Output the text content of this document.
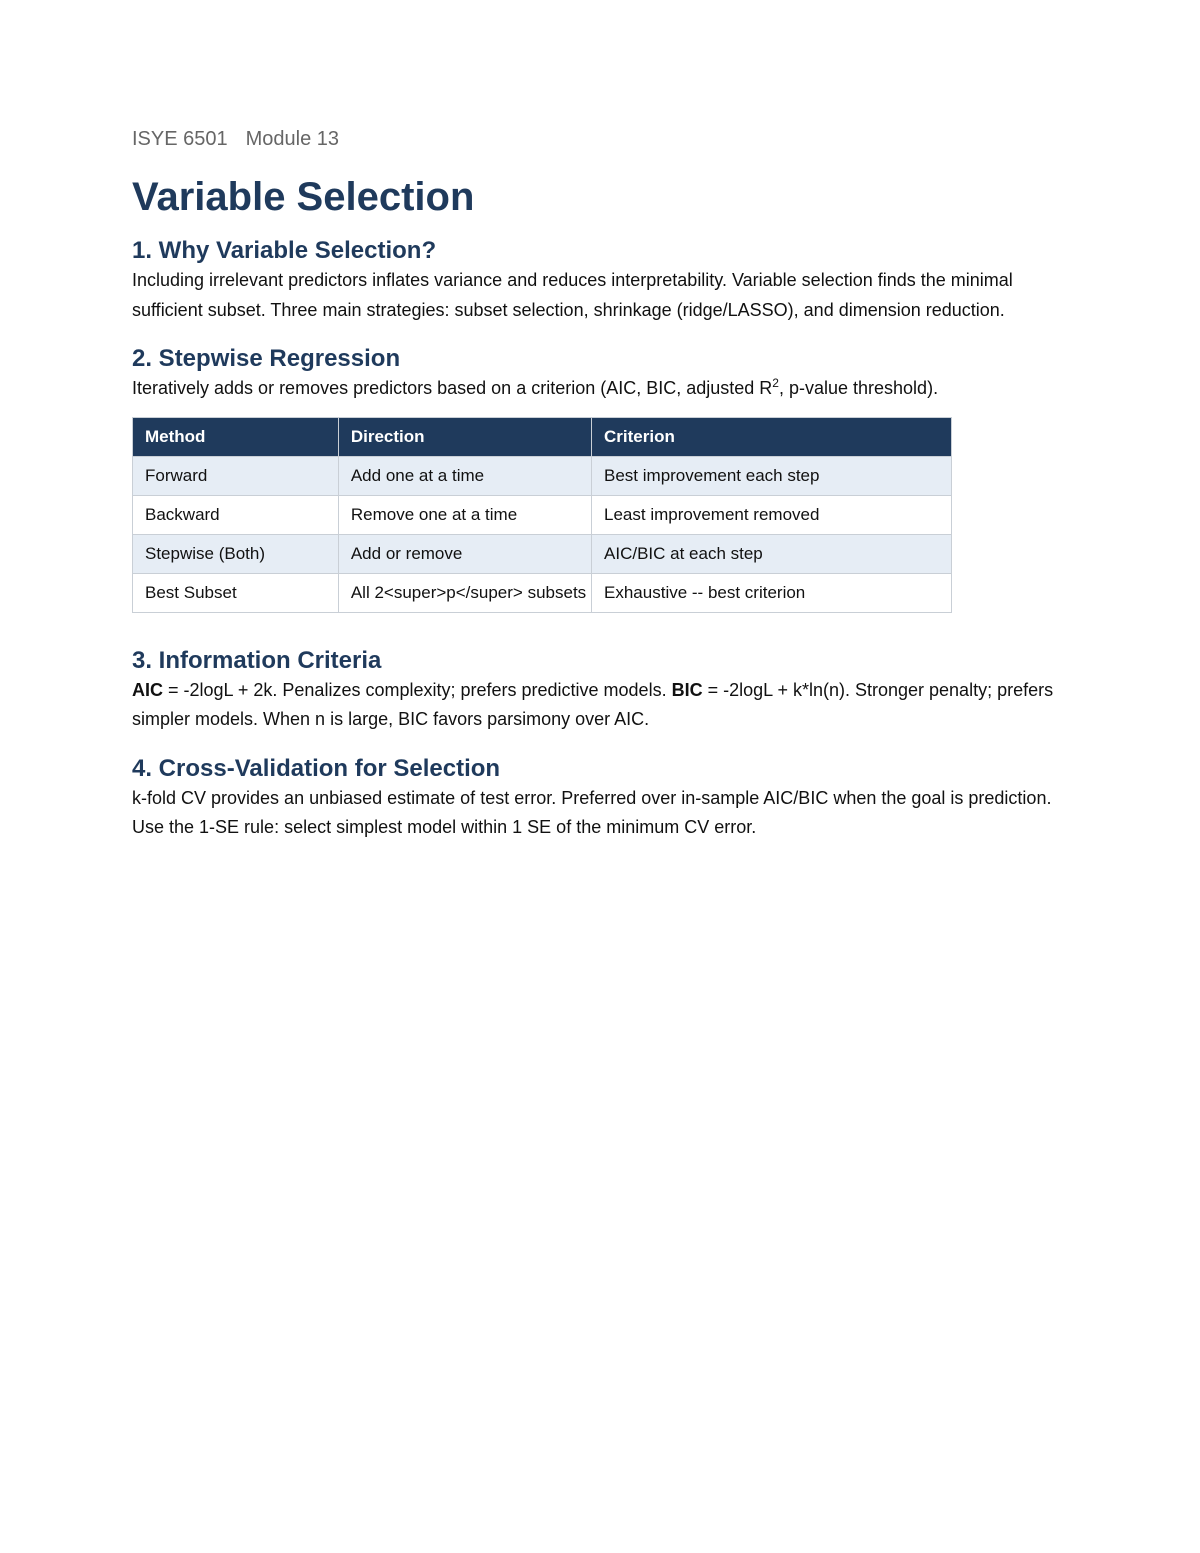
ISYE 6501 Module 13

Variable Selection
1. Why Variable Selection?

Including irrelevant predictors inflates variance and reduces interpretability. Variable selection finds the minimal sufficient subset. Three main strategies: subset selection, shrinkage (ridge/LASSO), and dimension reduction.

2. Stepwise Regression

Iteratively adds or removes predictors based on a criterion (AIC, BIC, adjusted $R^2$, p-value threshold).

Method	Direction	Criterion
Forward	Add one at a time	Best improvement each step
Backward	Remove one at a time	Least improvement removed
Stepwise (Both)	Add or remove	AIC/BIC at each step
Best Subset	All 2<super>p</super> subsets	Exhaustive -- best criterion
3. Information Criteria

AIC = -2logL + 2k. Penalizes complexity; prefers predictive models. BIC = -2logL + k*ln(n). Stronger penalty; prefers simpler models. When n is large, BIC favors parsimony over AIC.

4. Cross-Validation for Selection

k-fold CV provides an unbiased estimate of test error. Preferred over in-sample AIC/BIC when the goal is prediction. Use the 1-SE rule: select simplest model within 1 SE of the minimum CV error.
